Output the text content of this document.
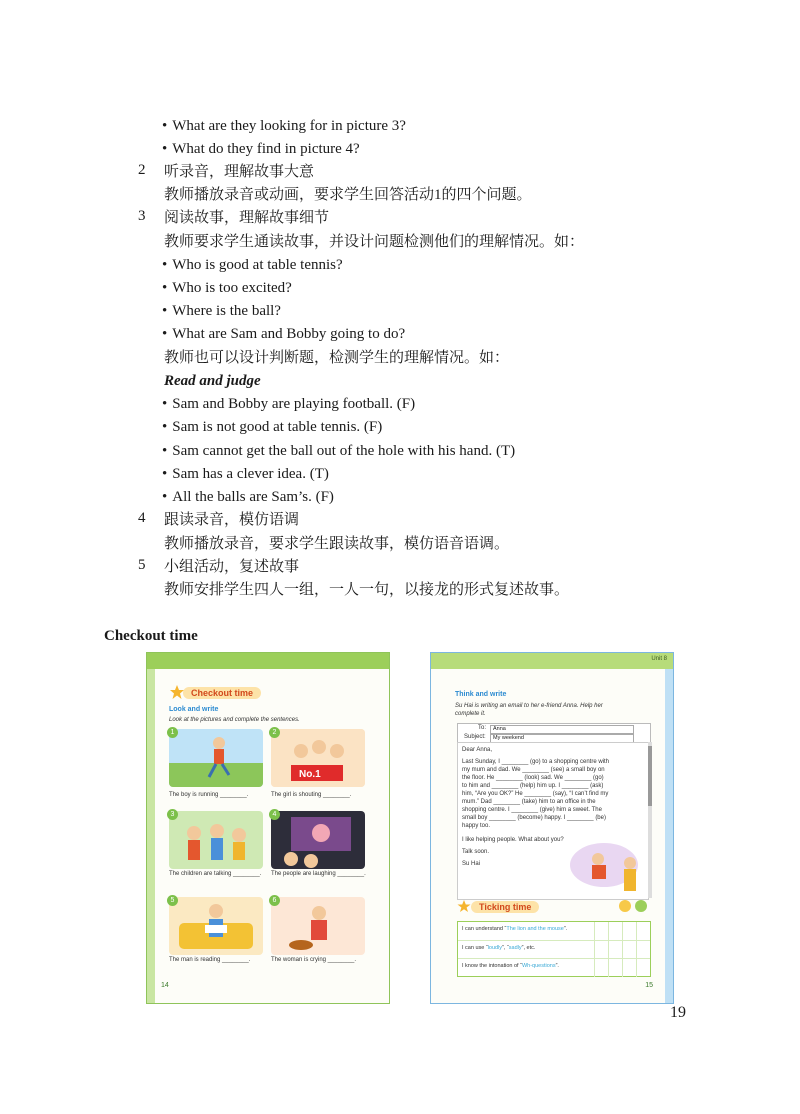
• What are they looking for in picture 3?
• What do they find in picture 4?
2 听录音，理解故事大意
教师播放录音或动画，要求学生回答活动1的四个问题。
3 阅读故事，理解故事细节
教师要求学生通读故事，并设计问题检测他们的理解情况。如：
• Who is good at table tennis?
• Who is too excited?
• Where is the ball?
• What are Sam and Bobby going to do?
教师也可以设计判断题，检测学生的理解情况。如：
Read and judge
• Sam and Bobby are playing football. (F)
• Sam is not good at table tennis. (F)
• Sam cannot get the ball out of the hole with his hand. (T)
• Sam has a clever idea. (T)
• All the balls are Sam’s. (F)
4 跟读录音，模仿语调
教师播放录音，要求学生跟读故事，模仿语音语调。
5 小组活动，复述故事
教师安排学生四人一组，一人一句，以接龙的形式复述故事。
Checkout time
Checkout time
Look and write
Look at the pictures and complete the sentences.
1
The boy is running ________.
No.1
2
The girl is shouting ________.
3
The children are talking ________.
4
The people are laughing ________.
5
The man is reading ________.
6
The woman is crying ________.
14
Unit 8
Think and write
Su Hai is writing an email to her e-friend Anna. Help her
complete it.
To:	Anna
Subject:	My weekend
Dear Anna,
Last Sunday, I ________ (go) to a shopping centre with
my mum and dad. We ________ (see) a small boy on
the floor. He ________ (look) sad. We ________ (go)
to him and ________ (help) him up. I ________ (ask)
him, “Are you OK?” He ________ (say), “I can’t find my
mum.” Dad ________ (take) him to an office in the
shopping centre. I ________ (give) him a sweet. The
small boy ________ (become) happy. I ________ (be)
happy too.
I like helping people. What about you?
Talk soon.
Su Hai
Ticking time
I can understand “The lion and the mouse”.
I can use “loudly”, “sadly”, etc.
I know the intonation of “Wh-questions”.
15
19
